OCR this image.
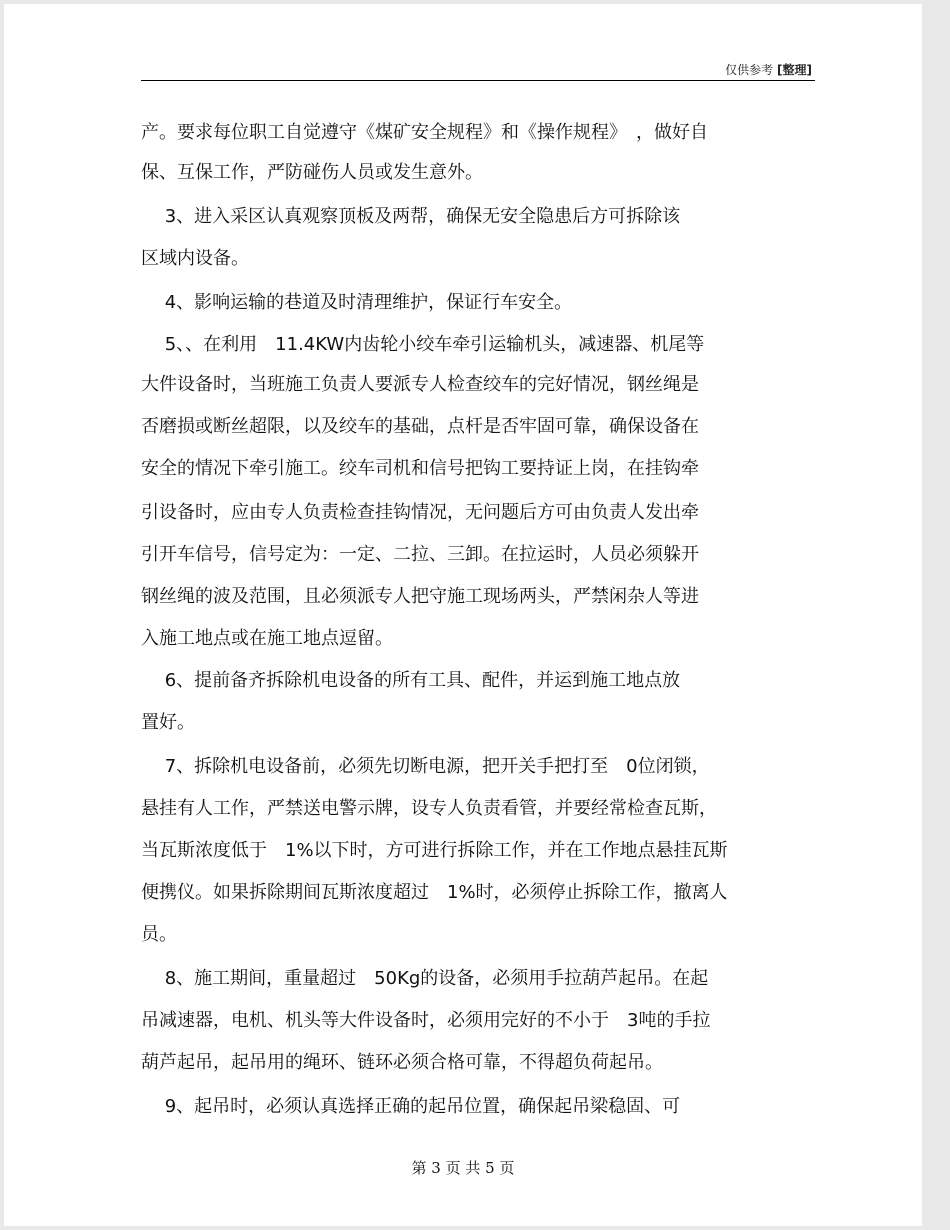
仅供参考 [整理]
产。要求每位职工自觉遵守《煤矿安全规程》和《操作规程》　，做好自
保、互保工作，严防碰伤人员或发生意外。
　 3、进入采区认真观察顶板及两帮，确保无安全隐患后方可拆除该
区域内设备。
　 4、影响运输的巷道及时清理维护，保证行车安全。
　 5、、在利用　11.4KW内齿轮小绞车牵引运输机头，减速器、机尾等
大件设备时，当班施工负责人要派专人检查绞车的完好情况，钢丝绳是
否磨损或断丝超限，以及绞车的基础，点杆是否牢固可靠，确保设备在
安全的情况下牵引施工。绞车司机和信号把钩工要持证上岗，在挂钩牵
引设备时，应由专人负责检查挂钩情况，无问题后方可由负责人发出牵
引开车信号，信号定为：一定、二拉、三卸。在拉运时，人员必须躲开
钢丝绳的波及范围，且必须派专人把守施工现场两头，严禁闲杂人等进
入施工地点或在施工地点逗留。
　 6、提前备齐拆除机电设备的所有工具、配件，并运到施工地点放
置好。
　 7、拆除机电设备前，必须先切断电源，把开关手把打至　0位闭锁，
悬挂有人工作，严禁送电警示牌，设专人负责看管，并要经常检查瓦斯，
当瓦斯浓度低于　1%以下时，方可进行拆除工作，并在工作地点悬挂瓦斯
便携仪。如果拆除期间瓦斯浓度超过　1%时，必须停止拆除工作，撤离人
员。
　 8、施工期间，重量超过　50Kg的设备，必须用手拉葫芦起吊。在起
吊减速器，电机、机头等大件设备时，必须用完好的不小于　3吨的手拉
葫芦起吊，起吊用的绳环、链环必须合格可靠，不得超负荷起吊。
　 9、起吊时，必须认真选择正确的起吊位置，确保起吊梁稳固、可
第 3 页 共 5 页
